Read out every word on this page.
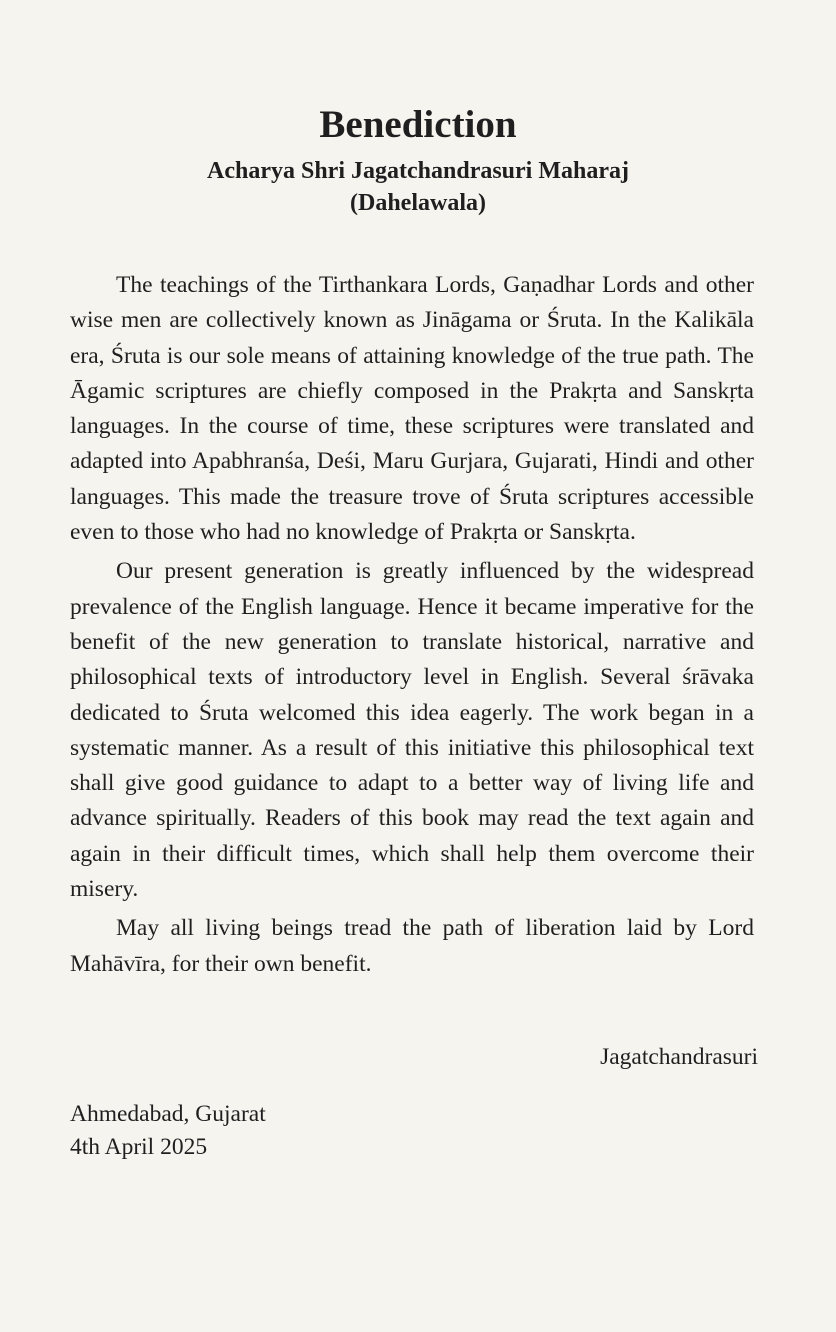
Benediction
Acharya Shri Jagatchandrasuri Maharaj
(Dahelawala)

The teachings of the Tirthankara Lords, Gaṇadhar Lords and other wise men are collectively known as Jināgama or Śruta. In the Kalikāla era, Śruta is our sole means of attaining knowledge of the true path. The Āgamic scriptures are chiefly composed in the Prakṛta and Sanskṛta languages. In the course of time, these scriptures were translated and adapted into Apabhranśa, Deśi, Maru Gurjara, Gujarati, Hindi and other languages. This made the treasure trove of Śruta scriptures accessible even to those who had no knowledge of Prakṛta or Sanskṛta.

Our present generation is greatly influenced by the widespread prevalence of the English language. Hence it became imperative for the benefit of the new generation to translate historical, narrative and philosophical texts of introductory level in English. Several śrāvaka dedicated to Śruta welcomed this idea eagerly. The work began in a systematic manner. As a result of this initiative this philosophical text shall give good guidance to adapt to a better way of living life and advance spiritually. Readers of this book may read the text again and again in their difficult times, which shall help them overcome their misery.

May all living beings tread the path of liberation laid by Lord Mahāvīra, for their own benefit.

Jagatchandrasuri

Ahmedabad, Gujarat
4th April 2025
